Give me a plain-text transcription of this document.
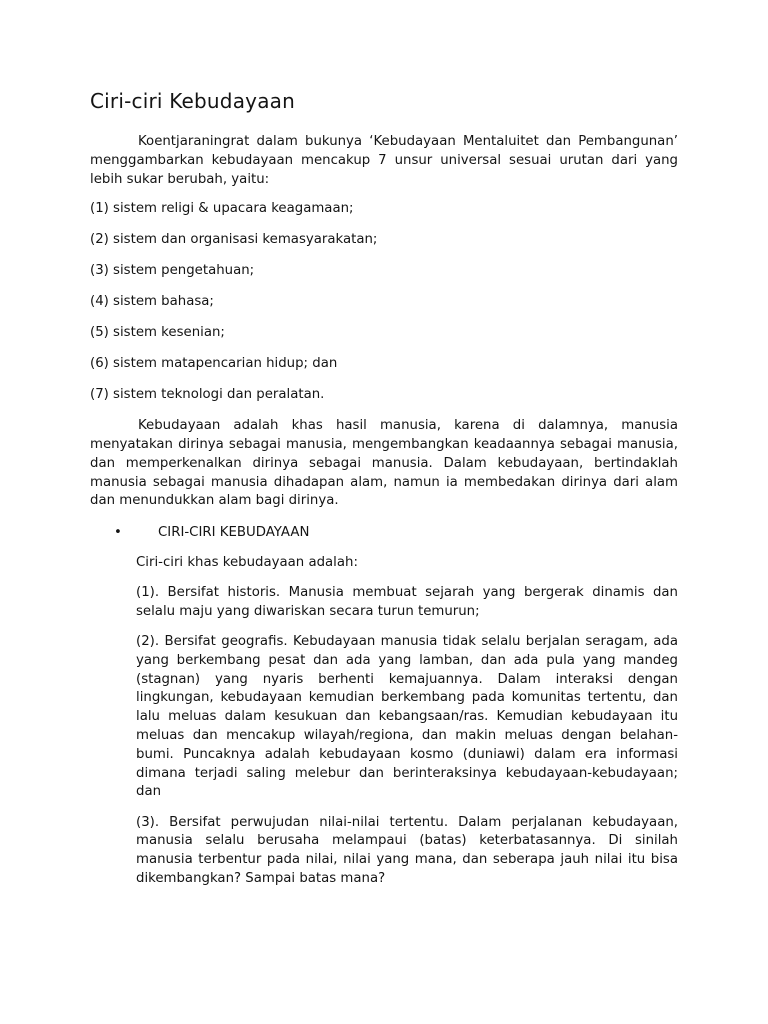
Ciri-ciri Kebudayaan

Koentjaraningrat dalam bukunya ‘Kebudayaan Mentaluitet dan Pembangunan’ menggambarkan kebudayaan mencakup 7 unsur universal sesuai urutan dari yang lebih sukar berubah, yaitu:

(1) sistem religi & upacara keagamaan;

(2) sistem dan organisasi kemasyarakatan;

(3) sistem pengetahuan;

(4) sistem bahasa;

(5) sistem kesenian;

(6) sistem matapencarian hidup; dan

(7) sistem teknologi dan peralatan.

Kebudayaan adalah khas hasil manusia, karena di dalamnya, manusia menyatakan dirinya sebagai manusia, mengembangkan keadaannya sebagai manusia, dan memperkenalkan dirinya sebagai manusia. Dalam kebudayaan, bertindaklah manusia sebagai manusia dihadapan alam, namun ia membedakan dirinya dari alam dan menundukkan alam bagi dirinya.

•	CIRI-CIRI KEBUDAYAAN

Ciri-ciri khas kebudayaan adalah:

(1). Bersifat historis. Manusia membuat sejarah yang bergerak dinamis dan selalu maju yang diwariskan secara turun temurun;

(2). Bersifat geografis. Kebudayaan manusia tidak selalu berjalan seragam, ada yang berkembang pesat dan ada yang lamban, dan ada pula yang mandeg (stagnan) yang nyaris berhenti kemajuannya. Dalam interaksi dengan lingkungan, kebudayaan kemudian berkembang pada komunitas tertentu, dan lalu meluas dalam kesukuan dan kebangsaan/ras. Kemudian kebudayaan itu meluas dan mencakup wilayah/regiona, dan makin meluas dengan belahan-bumi. Puncaknya adalah kebudayaan kosmo (duniawi) dalam era informasi dimana terjadi saling melebur dan berinteraksinya kebudayaan-kebudayaan; dan

(3). Bersifat perwujudan nilai-nilai tertentu. Dalam perjalanan kebudayaan, manusia selalu berusaha melampaui (batas) keterbatasannya. Di sinilah manusia terbentur pada nilai, nilai yang mana, dan seberapa jauh nilai itu bisa dikembangkan? Sampai batas mana?
